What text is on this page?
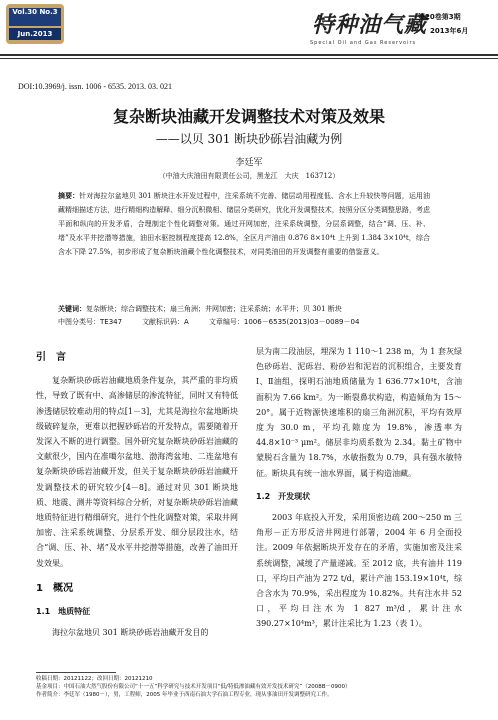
Vol.30 No.3
Jun.2013	特种油气藏
Special Oil and Gas Reservoirs
第20卷第3期
2013年6月
DOI:10.3969/j. issn. 1006 - 6535. 2013. 03. 021
复杂断块油藏开发调整技术对策及效果
——以贝 301 断块砂砾岩油藏为例
李廷军
（中油大庆油田有限责任公司，黑龙江　大庆　163712）
摘要：针对海拉尔盆地贝 301 断块注水开发过程中，注采系统不完善、储层动用程度低、含水上升较快等问题，运用油藏精细描述方法，进行精细构造解释、细分沉积微相、储层分类研究，优化开发调整技术，按照分区分类调整思路，考虑平面和纵向的开发矛盾，合理制定个性化调整对策。通过开网加密，注采系统调整，分层系调整，结合“调、压、补、堵”及水平井挖潜等措施，油田水驱控制程度提高 12.8%，全区月产油由 0.876 8×10⁴t 上升到 1.384 3×10⁴t，综合含水下降 27.5%，初步形成了复杂断块油藏个性化调整技术，对同类油田的开发调整有重要的借鉴意义。
关键词：复杂断块；综合调整技术；扇三角洲；井网加密；注采系统；水平井；贝 301 断块
中图分类号：TE347	文献标识码：A	文章编号：1006－6535(2013)03－0089－04

引　言

复杂断块砂砾岩油藏地质条件复杂，其严重的非均质性，导致了既有中、高渗储层的渗流特征，同时又有特低渗透储层较难动用的特点[1－3]，尤其是海拉尔盆地断块级破碎复杂，更难以把握砂砾岩的开发特点，需要随着开发深入不断的进行调整。国外研究复杂断块砂砾岩油藏的文献很少，国内在准噶尔盆地、渤海湾盆地、二连盆地有复杂断块砂砾岩油藏开发，但关于复杂断块砂砾岩油藏开发调整技术的研究较少[4－8]。通过对贝 301 断块地质、地震、测井等资料综合分析，对复杂断块砂砾岩油藏地质特征进行精细研究，进行个性化调整对策，采取井网加密、注采系统调整、分层系开发、细分层段注水，结合“调、压、补、堵”及水平井挖潜等措施，改善了油田开发效果。

1　概况

1.1　地质特征

海拉尔盆地贝 301 断块砂砾岩油藏开发目的

层为南二段油层，埋深为 1 110～1 238 m，为 1 套灰绿色砂砾岩、泥砾岩、粉砂岩和泥岩的沉积组合，主要发育Ⅰ、Ⅱ油组，探明石油地质储量为 1 636.77×10⁴t，含油面积为 7.66 km²。为一断裂鼻状构造，构造倾角为 15～20°。属于近物源快速堆积的扇三角洲沉积，平均有效厚度为 30.0 m，平均孔隙度为 19.8%，渗透率为 44.8×10⁻³ μm²。储层非均质系数为 2.34。黏土矿物中蒙脱石含量为 18.7%，水敏指数为 0.79，具有强水敏特征。断块具有统一油水界面，属于构造油藏。

1.2　开发现状

2003 年底投入开发，采用顶密边疏 200～250 m 三角形－正方形反涪井网进行部署，2004 年 6 月全面投注。2009 年依据断块开发存在的矛盾，实施加密及注采系统调整，减缓了产量递减。至 2012 底，共有油井 119 口，平均日产油为 272 t/d，累计产油 153.19×10⁴t，综合含水为 70.9%，采出程度为 10.82%。共有注水井 52 口，平均日注水为 1 827 m³/d，累计注水 390.27×10⁴m³，累计注采比为 1.23（表 1）。

收稿日期：20121122；改回日期：20121210
基金项目：中国石油大然气股份有限公司“十一五”科学研究与技术开发项目“低/特低渗油藏有效开发技术研究”（2008B－0900）
作者简介：李廷军（1980－），男，工程师，2005 年毕业于西南石油大学石油工程专业，现从事油田开发调整研究工作。
